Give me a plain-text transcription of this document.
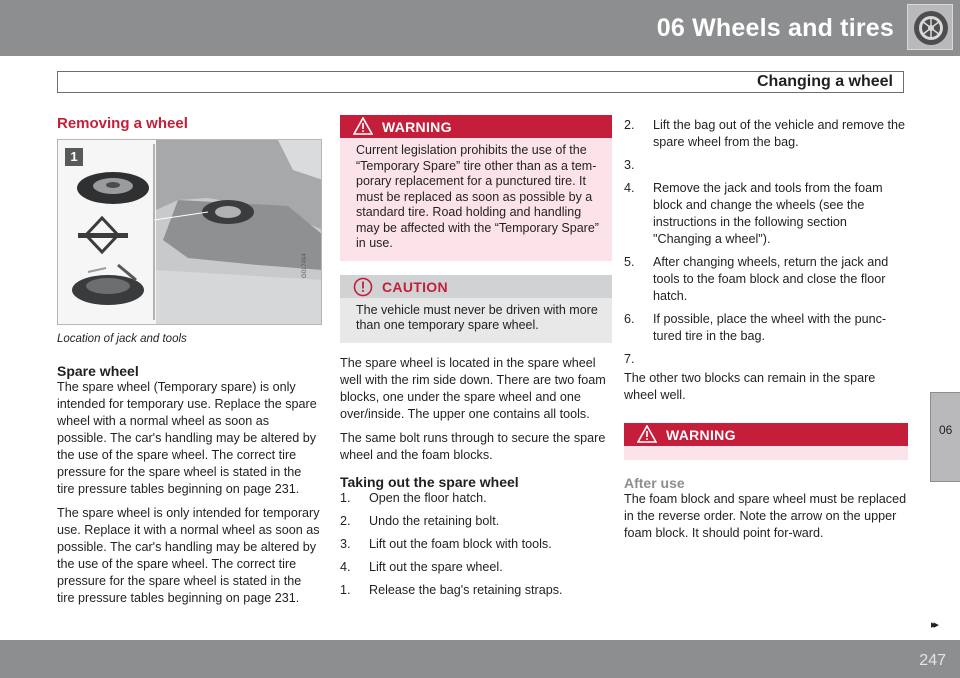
06 Wheels and tires
Changing a wheel
06
Removing a wheel
1
G017494
Location of jack and tools
Spare wheel

The spare wheel (Temporary spare) is only intended for temporary use. Replace the spare wheel with a normal wheel as soon as possible. The car's handling may be altered by the use of the spare wheel. The correct tire pressure for the spare wheel is stated in the tire pressure tables beginning on page 231.

The spare wheel is only intended for temporary use. Replace it with a normal wheel as soon as possible. The car's handling may be altered by the use of the spare wheel. The correct tire pressure for the spare wheel is stated in the tire pressure tables beginning on page 231.

WARNING
Current legislation prohibits the use of the “Temporary Spare” tire other than as a tem-porary replacement for a punctured tire. It must be replaced as soon as possible by a standard tire. Road holding and handling may be affected with the “Temporary Spare” in use.
CAUTION
The vehicle must never be driven with more than one temporary spare wheel.

The spare wheel is located in the spare wheel well with the rim side down. There are two foam blocks, one under the spare wheel and one over/inside. The upper one contains all tools.

The same bolt runs through to secure the spare wheel and the foam blocks.

Taking out the spare wheel
1. Open the floor hatch.
2. Undo the retaining bolt.
3. Lift out the foam block with tools.
4. Lift out the spare wheel.
1. Release the bag's retaining straps.
2. Lift the bag out of the vehicle and remove the spare wheel from the bag.
3.
4. Remove the jack and tools from the foam block and change the wheels (see the instructions in the following section "Changing a wheel").
5. After changing wheels, return the jack and tools to the foam block and close the floor hatch.
6. If possible, place the wheel with the punc-tured tire in the bag.
7.

The other two blocks can remain in the spare wheel well.

WARNING
After use

The foam block and spare wheel must be replaced in the reverse order. Note the arrow on the upper foam block. It should point for-ward.

▸▸
247
